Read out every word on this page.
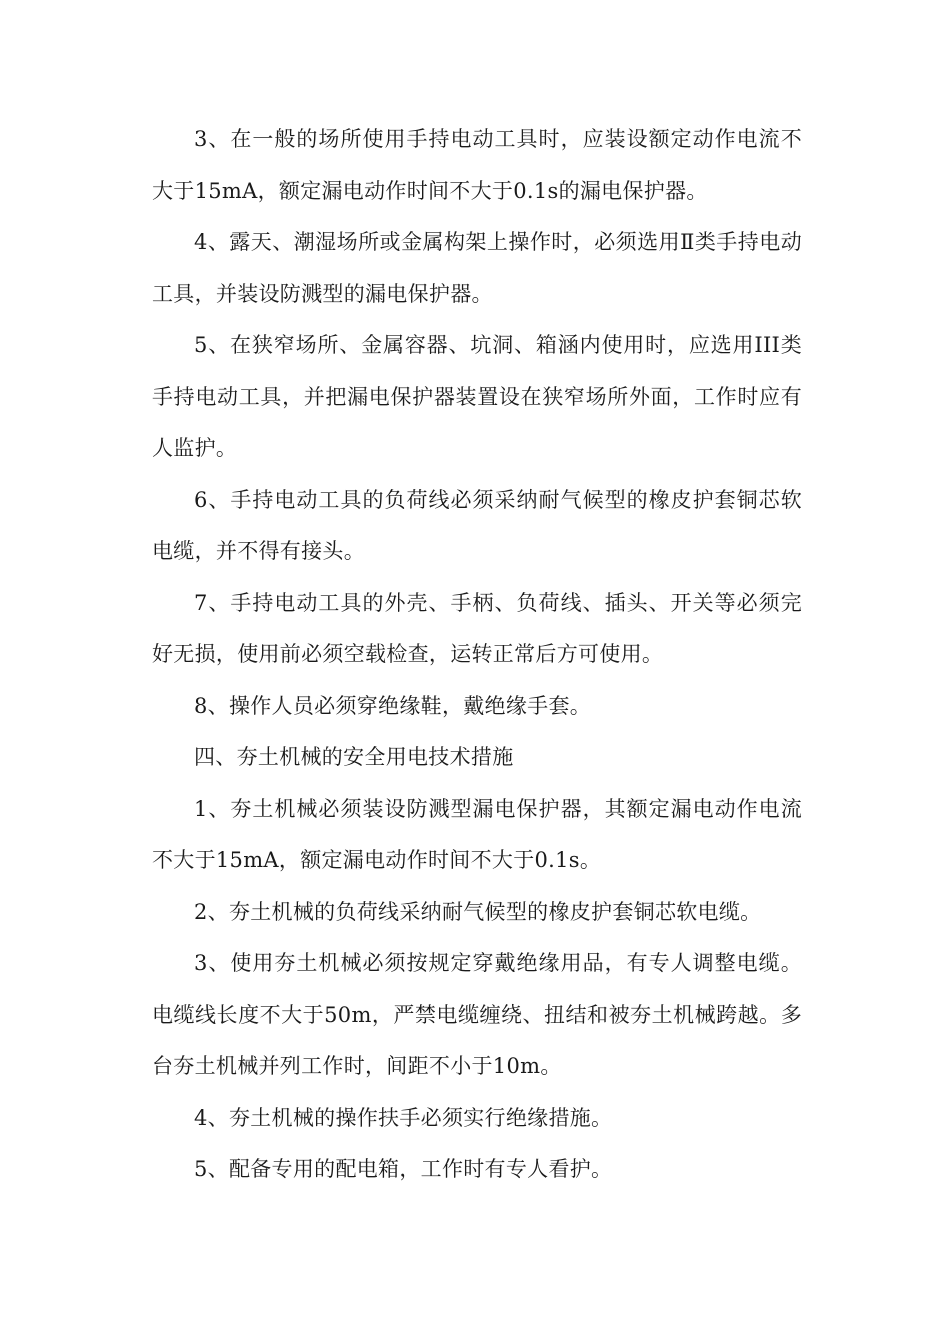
3、在一般的场所使用手持电动工具时，应装设额定动作电流不大于15mA，额定漏电动作时间不大于0.1s的漏电保护器。

4、露天、潮湿场所或金属构架上操作时，必须选用Ⅱ类手持电动工具，并装设防溅型的漏电保护器。

5、在狭窄场所、金属容器、坑洞、箱涵内使用时，应选用III类手持电动工具，并把漏电保护器装置设在狭窄场所外面，工作时应有人监护。

6、手持电动工具的负荷线必须采纳耐气候型的橡皮护套铜芯软电缆，并不得有接头。

7、手持电动工具的外壳、手柄、负荷线、插头、开关等必须完好无损，使用前必须空载检查，运转正常后方可使用。

8、操作人员必须穿绝缘鞋，戴绝缘手套。

四、夯土机械的安全用电技术措施

1、夯土机械必须装设防溅型漏电保护器，其额定漏电动作电流不大于15mA，额定漏电动作时间不大于0.1s。

2、夯土机械的负荷线采纳耐气候型的橡皮护套铜芯软电缆。

3、使用夯土机械必须按规定穿戴绝缘用品，有专人调整电缆。电缆线长度不大于50m，严禁电缆缠绕、扭结和被夯土机械跨越。多台夯土机械并列工作时，间距不小于10m。

4、夯土机械的操作扶手必须实行绝缘措施。

5、配备专用的配电箱，工作时有专人看护。
